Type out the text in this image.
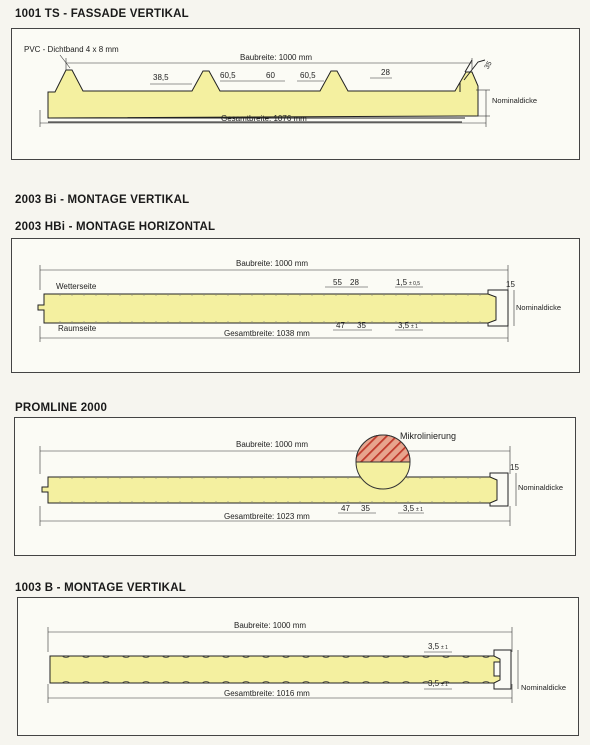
1001 TS - FASSADE VERTIKAL
2003 Bi - MONTAGE VERTIKAL
2003 HBi - MONTAGE HORIZONTAL
PROMLINE 2000
1003 B - MONTAGE VERTIKAL
PVC - Dichtband 4 x 8 mm
Baubreite: 1000 mm
Gesamtbreite: 1076 mm
Nominaldicke
38,5	60,5	60	60,5	28
35
Baubreite: 1000 mm
Gesamtbreite: 1038 mm
Wetterseite
Raumseite
Nominaldicke
55 28	1,5 ± 0,5	15
47 35	3,5 ± 1
Mikrolinierung
Baubreite: 1000 mm
Gesamtbreite: 1023 mm
Nominaldicke
15
47 35	3,5 ± 1
Baubreite: 1000 mm
Gesamtbreite: 1016 mm
Nominaldicke
3,5 ± 1
3,5 ± 1
